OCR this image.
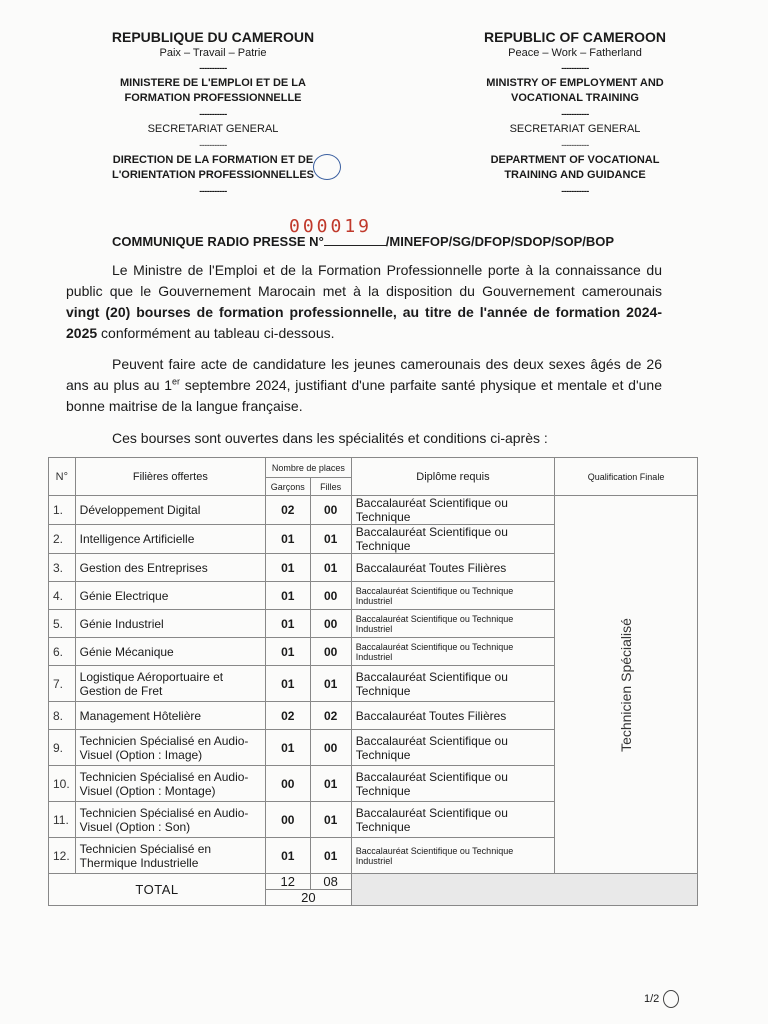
REPUBLIQUE DU CAMEROUN
Paix – Travail – Patrie
-----------
MINISTERE DE L'EMPLOI ET DE LA
FORMATION PROFESSIONNELLE
-----------
SECRETARIAT GENERAL
-----------
DIRECTION DE LA FORMATION ET DE
L'ORIENTATION PROFESSIONNELLES
-----------
REPUBLIC OF CAMEROON
Peace – Work – Fatherland
-----------
MINISTRY OF EMPLOYMENT AND
VOCATIONAL TRAINING
-----------
SECRETARIAT GENERAL
-----------
DEPARTMENT OF VOCATIONAL
TRAINING AND GUIDANCE
-----------
000019
COMMUNIQUE RADIO PRESSE N°	/MINEFOP/SG/DFOP/SDOP/SOP/BOP
Le Ministre de l'Emploi et de la Formation Professionnelle porte à la connaissance du public que le Gouvernement Marocain met à la disposition du Gouvernement camerounais vingt (20) bourses de formation professionnelle, au titre de l'année de formation 2024-2025 conformément au tableau ci-dessous.
Peuvent faire acte de candidature les jeunes camerounais des deux sexes âgés de 26 ans au plus au 1er septembre 2024, justifiant d'une parfaite santé physique et mentale et d'une bonne maitrise de la langue française.
Ces bourses sont ouvertes dans les spécialités et conditions ci-après :
N°	Filières offertes	Nombre de places		Diplôme requis	Qualification Finale
		Garçons	Filles		
1.	Développement Digital	02	00	Baccalauréat Scientifique ou Technique	Technicien Spécialisé
2.	Intelligence Artificielle	01	01	Baccalauréat Scientifique ou Technique	
3.	Gestion des Entreprises	01	01	Baccalauréat Toutes Filières	
4.	Génie Electrique	01	00	Baccalauréat Scientifique ou Technique Industriel	
5.	Génie Industriel	01	00	Baccalauréat Scientifique ou Technique Industriel	
6.	Génie Mécanique	01	00	Baccalauréat Scientifique ou Technique Industriel	
7.	Logistique Aéroportuaire et Gestion de Fret	01	01	Baccalauréat Scientifique ou Technique	
8.	Management Hôtelière	02	02	Baccalauréat Toutes Filières	
9.	Technicien Spécialisé en Audio-Visuel (Option : Image)	01	00	Baccalauréat Scientifique ou Technique	
10.	Technicien Spécialisé en Audio-Visuel (Option : Montage)	00	01	Baccalauréat Scientifique ou Technique	
11.	Technicien Spécialisé en Audio-Visuel (Option : Son)	00	01	Baccalauréat Scientifique ou Technique	
12.	Technicien Spécialisé en Thermique Industrielle	01	01	Baccalauréat Scientifique ou Technique Industriel	
TOTAL		12	08		
		20			
1/2
